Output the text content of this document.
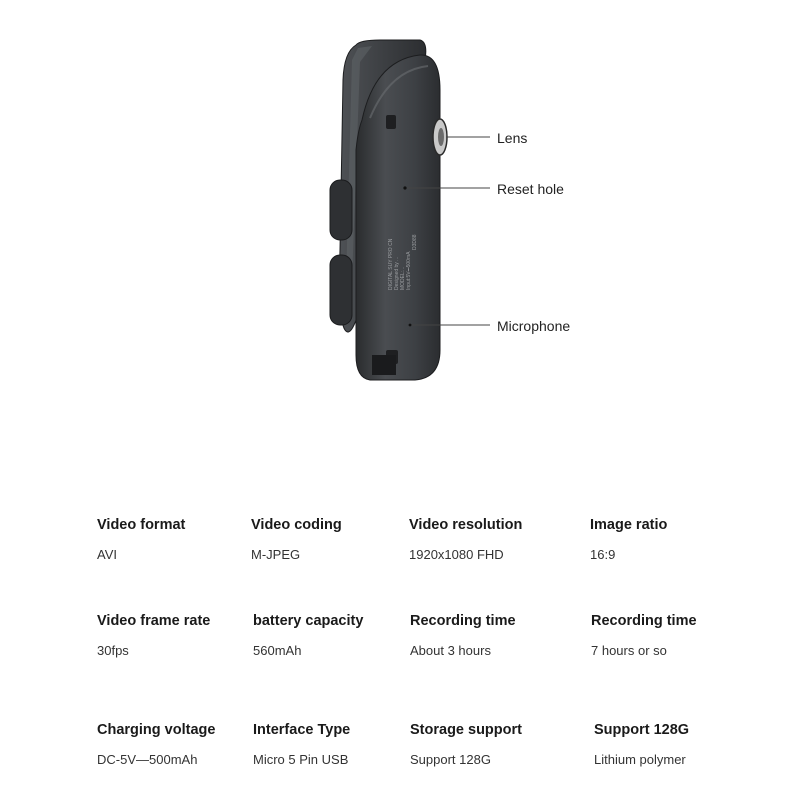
DIGITAL SUY PRO CN Designed by ... MODEL:... Input:5V⎓500mA
D3D88
Lens
Reset hole
Microphone
Video format
AVI
Video coding
M-JPEG
Video resolution
1920x1080 FHD
Image ratio
16:9
Video frame rate
30fps
battery capacity
560mAh
Recording time
About 3 hours
Recording time
7 hours or so
Charging voltage
DC-5V—500mAh
Interface Type
Micro 5 Pin USB
Storage support
Support 128G
Support 128G
Lithium polymer
